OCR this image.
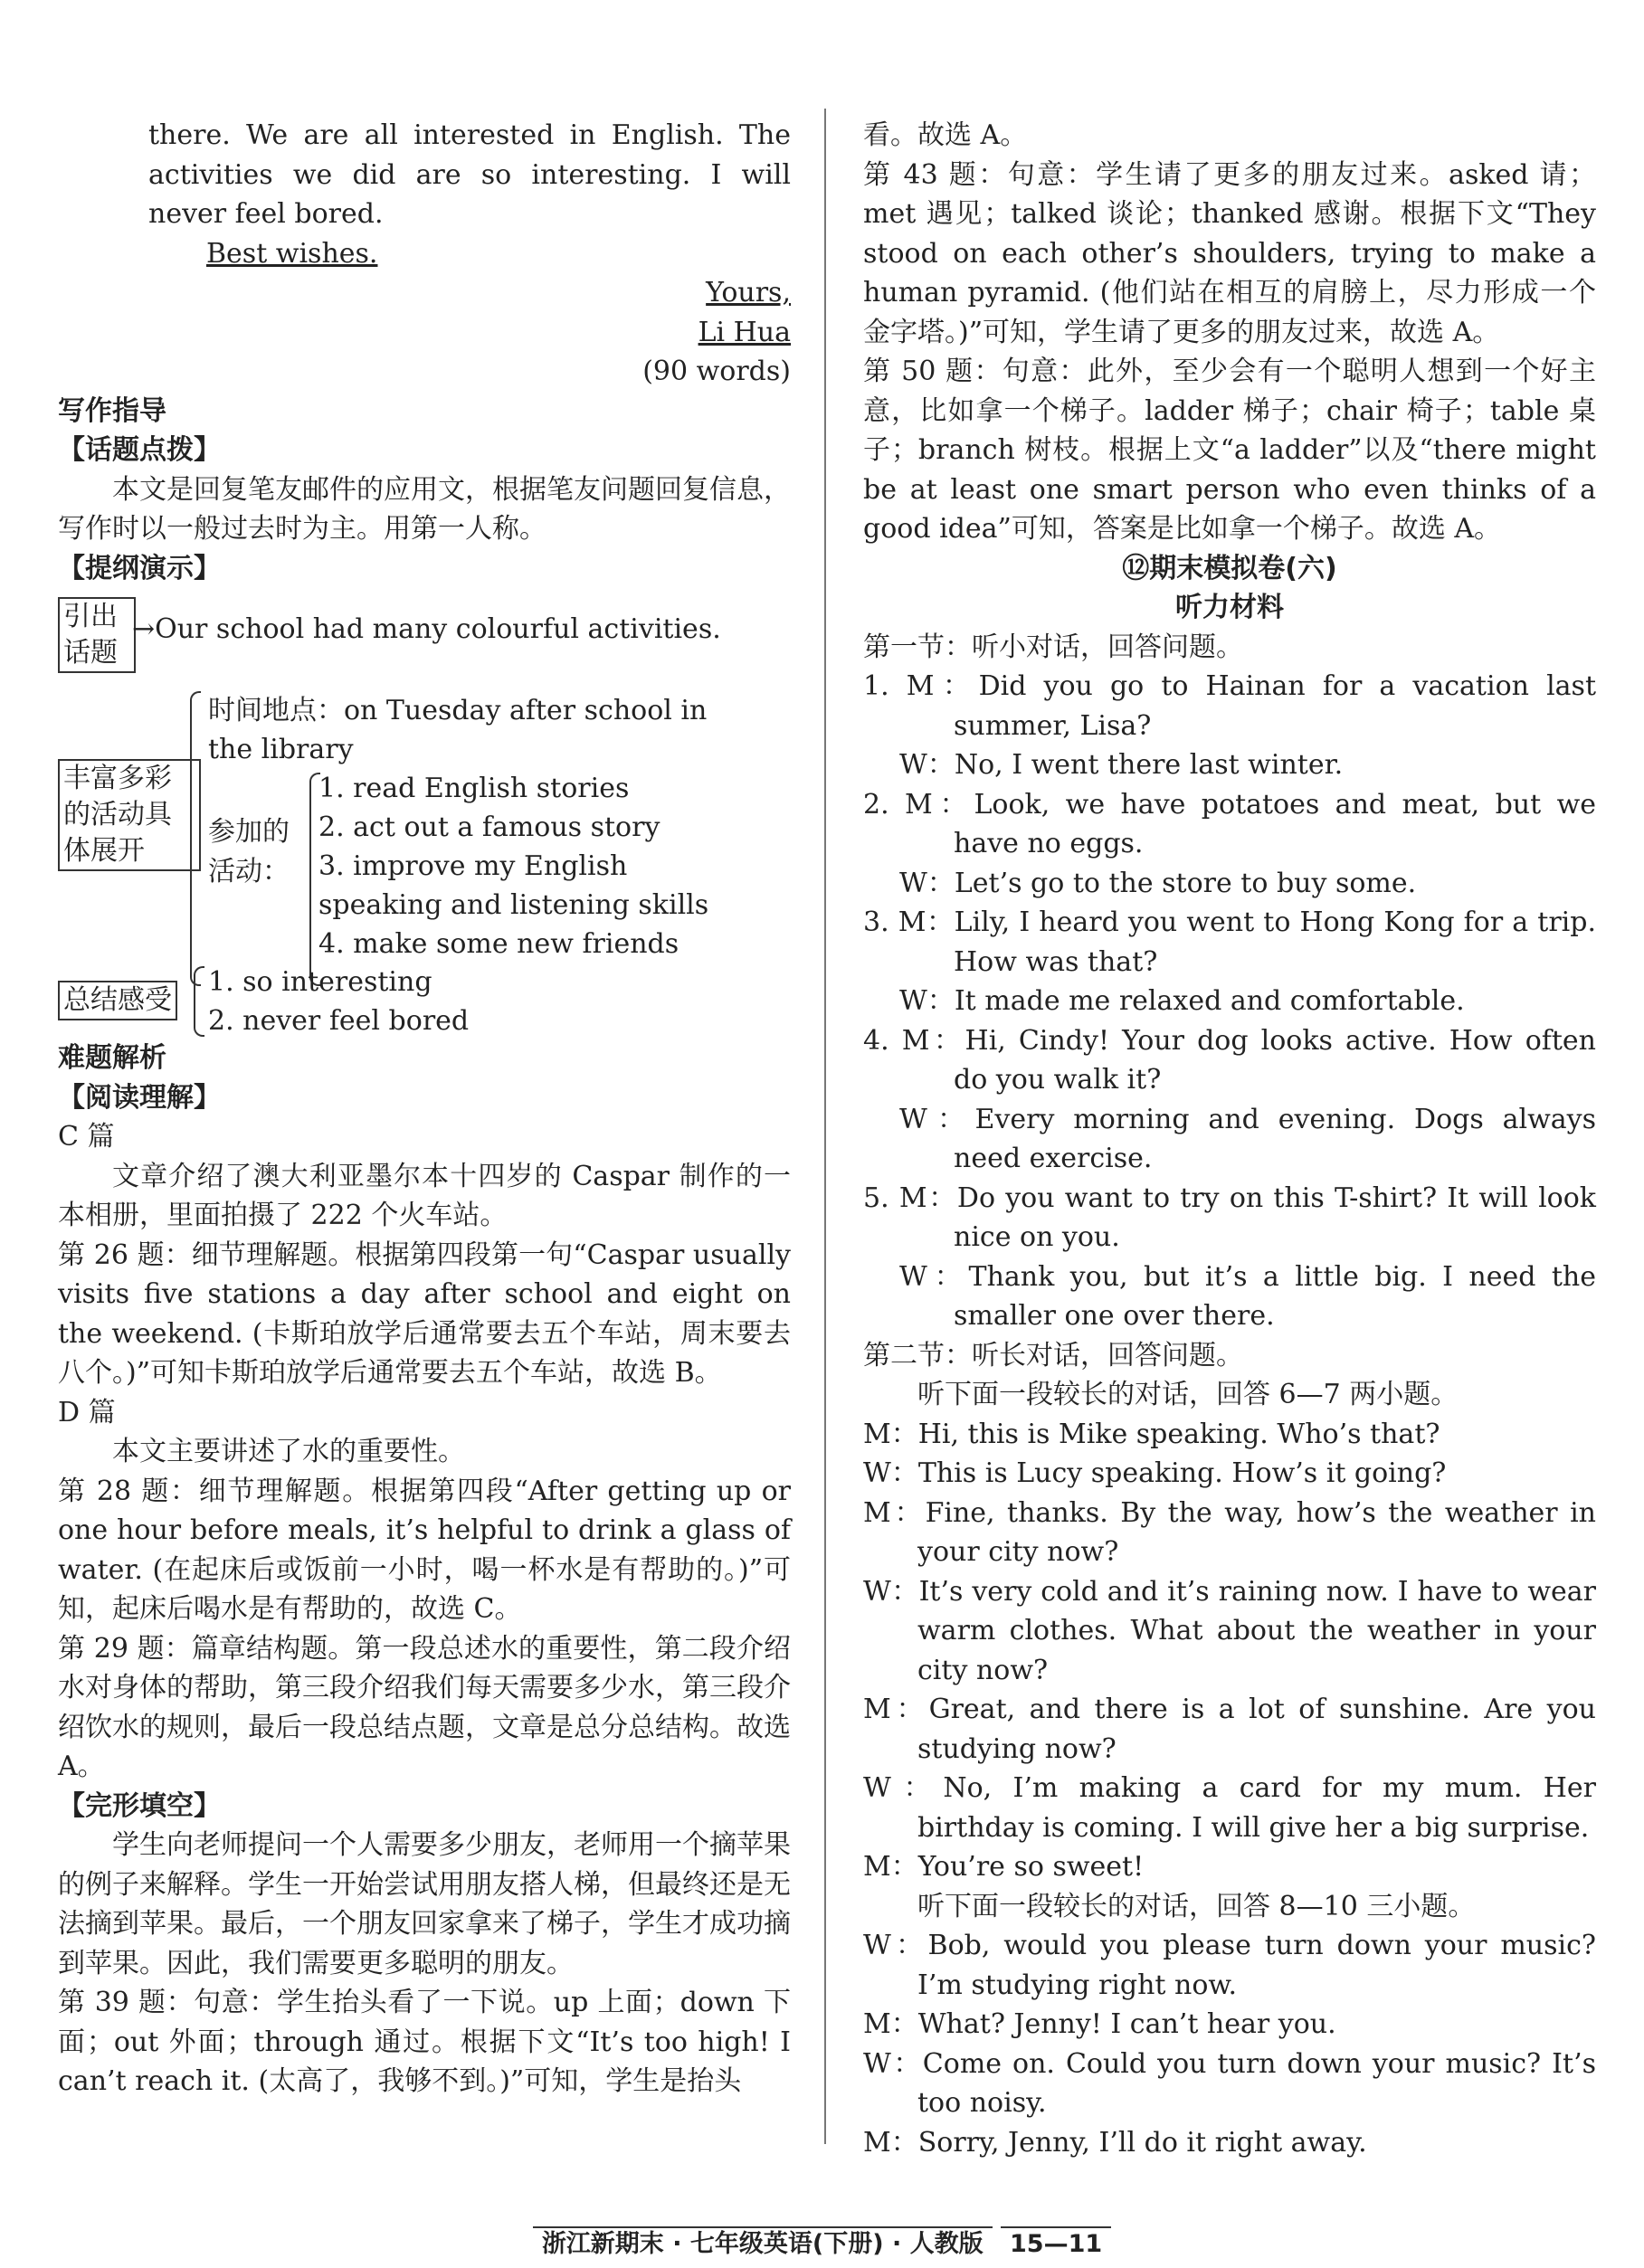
there. We are all interested in English. The activities we did are so interesting. I will never feel bored.

Best wishes.

Yours,

Li Hua

(90 words)

写作指导

【话题点拨】

本文是回复笔友邮件的应用文，根据笔友问题回复信息，写作时以一般过去时为主。用第一人称。

【提纲演示】

引出话题
→Our school had many colourful activities.
丰富多彩的活动具体展开
时间地点：on Tuesday after school in
the library
参加的活动：
1. read English stories
2. act out a famous story
3. improve my English
speaking and listening skills
4. make some new friends
总结感受
1. so interesting
2. never feel bored

难题解析

【阅读理解】

C 篇

文章介绍了澳大利亚墨尔本十四岁的 Caspar 制作的一本相册，里面拍摄了 222 个火车站。

第 26 题：细节理解题。根据第四段第一句“Caspar usually visits five stations a day after school and eight on the weekend. (卡斯珀放学后通常要去五个车站，周末要去八个。)”可知卡斯珀放学后通常要去五个车站，故选 B。

D 篇

本文主要讲述了水的重要性。

第 28 题：细节理解题。根据第四段“After getting up or one hour before meals, it’s helpful to drink a glass of water. (在起床后或饭前一小时，喝一杯水是有帮助的。)”可知，起床后喝水是有帮助的，故选 C。

第 29 题：篇章结构题。第一段总述水的重要性，第二段介绍水对身体的帮助，第三段介绍我们每天需要多少水，第三段介绍饮水的规则，最后一段总结点题，文章是总分总结构。故选 A。

【完形填空】

学生向老师提问一个人需要多少朋友，老师用一个摘苹果的例子来解释。学生一开始尝试用朋友搭人梯，但最终还是无法摘到苹果。最后，一个朋友回家拿来了梯子，学生才成功摘到苹果。因此，我们需要更多聪明的朋友。

第 39 题：句意：学生抬头看了一下说。up 上面；down 下面；out 外面；through 通过。根据下文“It’s too high! I can’t reach it. (太高了，我够不到。)”可知，学生是抬头

看。故选 A。

第 43 题：句意：学生请了更多的朋友过来。asked 请；met 遇见；talked 谈论；thanked 感谢。根据下文“They stood on each other’s shoulders, trying to make a human pyramid. (他们站在相互的肩膀上，尽力形成一个金字塔。)”可知，学生请了更多的朋友过来，故选 A。

第 50 题：句意：此外，至少会有一个聪明人想到一个好主意，比如拿一个梯子。ladder 梯子；chair 椅子；table 桌子；branch 树枝。根据上文“a ladder”以及“there might be at least one smart person who even thinks of a good idea”可知，答案是比如拿一个梯子。故选 A。

⑫期末模拟卷(六)

听力材料

第一节：听小对话，回答问题。

1. M：Did you go to Hainan for a vacation last summer, Lisa?

W：No, I went there last winter.

2. M：Look, we have potatoes and meat, but we have no eggs.

W：Let’s go to the store to buy some.

3. M：Lily, I heard you went to Hong Kong for a trip. How was that?

W：It made me relaxed and comfortable.

4. M：Hi, Cindy! Your dog looks active. How often do you walk it?

W：Every morning and evening. Dogs always need exercise.

5. M：Do you want to try on this T-shirt? It will look nice on you.

W：Thank you, but it’s a little big. I need the smaller one over there.

第二节：听长对话，回答问题。

听下面一段较长的对话，回答 6—7 两小题。

M：Hi, this is Mike speaking. Who’s that?

W：This is Lucy speaking. How’s it going?

M：Fine, thanks. By the way, how’s the weather in your city now?

W：It’s very cold and it’s raining now. I have to wear warm clothes. What about the weather in your city now?

M：Great, and there is a lot of sunshine. Are you studying now?

W：No, I’m making a card for my mum. Her birthday is coming. I will give her a big surprise.

M：You’re so sweet!

听下面一段较长的对话，回答 8—10 三小题。

W：Bob, would you please turn down your music? I’m studying right now.

M：What? Jenny! I can’t hear you.

W：Come on. Could you turn down your music? It’s too noisy.

M：Sorry, Jenny, I’ll do it right away.

浙江新期末 · 七年级英语(下册) · 人教版 15—11
